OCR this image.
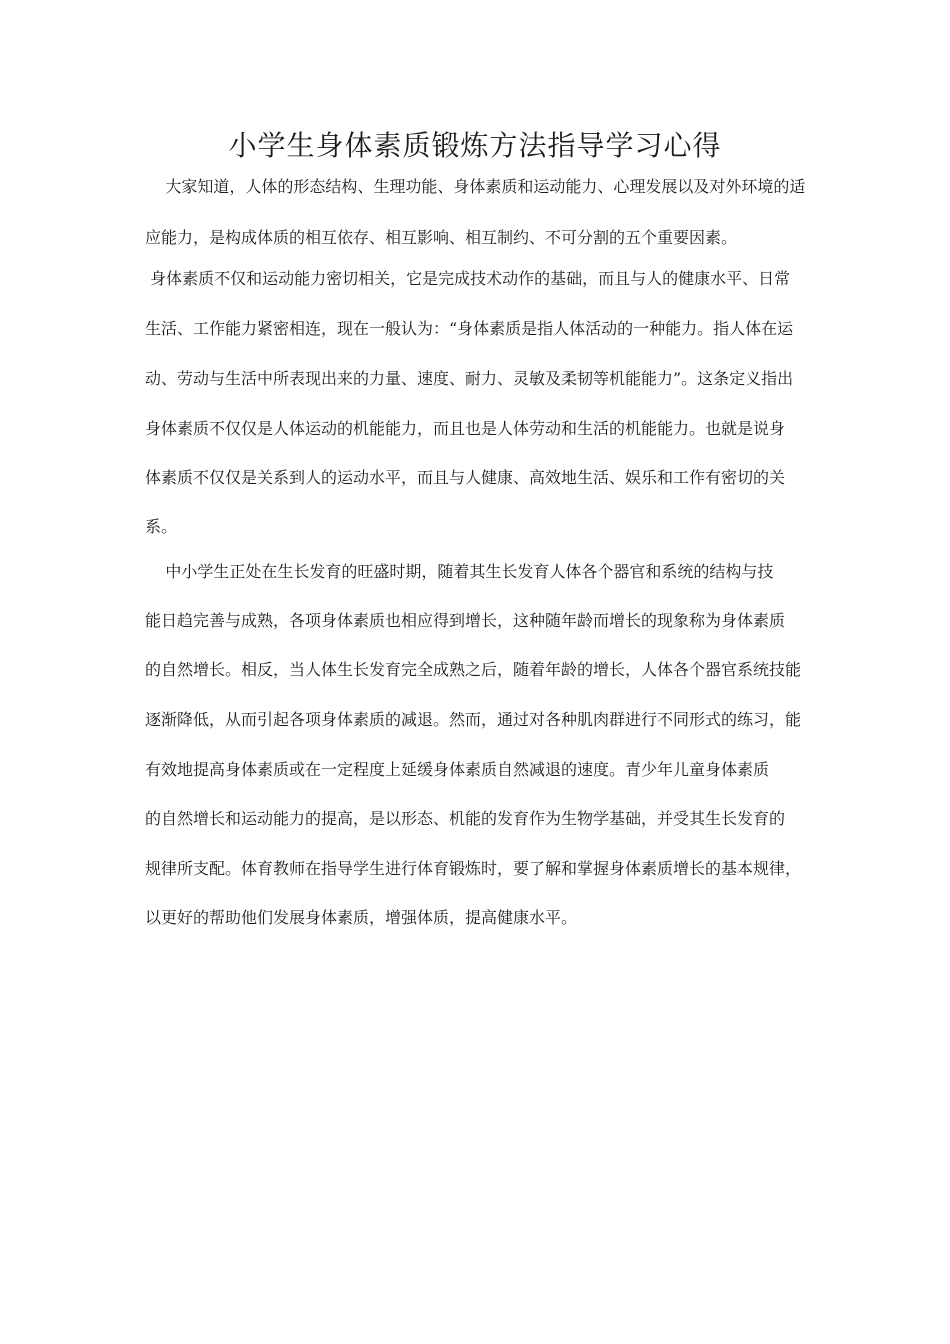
小学生身体素质锻炼方法指导学习心得

大家知道，人体的形态结构、生理功能、身体素质和运动能力、心理发展以及对外环境的适

应能力，是构成体质的相互依存、相互影响、相互制约、不可分割的五个重要因素。

身体素质不仅和运动能力密切相关，它是完成技术动作的基础，而且与人的健康水平、日常

生活、工作能力紧密相连，现在一般认为：“身体素质是指人体活动的一种能力。指人体在运

动、劳动与生活中所表现出来的力量、速度、耐力、灵敏及柔韧等机能能力”。这条定义指出

身体素质不仅仅是人体运动的机能能力，而且也是人体劳动和生活的机能能力。也就是说身

体素质不仅仅是关系到人的运动水平，而且与人健康、高效地生活、娱乐和工作有密切的关

系。

中小学生正处在生长发育的旺盛时期，随着其生长发育人体各个器官和系统的结构与技

能日趋完善与成熟，各项身体素质也相应得到增长，这种随年龄而增长的现象称为身体素质

的自然增长。相反，当人体生长发育完全成熟之后，随着年龄的增长，人体各个器官系统技能

逐渐降低，从而引起各项身体素质的减退。然而，通过对各种肌肉群进行不同形式的练习，能

有效地提高身体素质或在一定程度上延缓身体素质自然减退的速度。青少年儿童身体素质

的自然增长和运动能力的提高，是以形态、机能的发育作为生物学基础，并受其生长发育的

规律所支配。体育教师在指导学生进行体育锻炼时，要了解和掌握身体素质增长的基本规律，

以更好的帮助他们发展身体素质，增强体质，提高健康水平。
